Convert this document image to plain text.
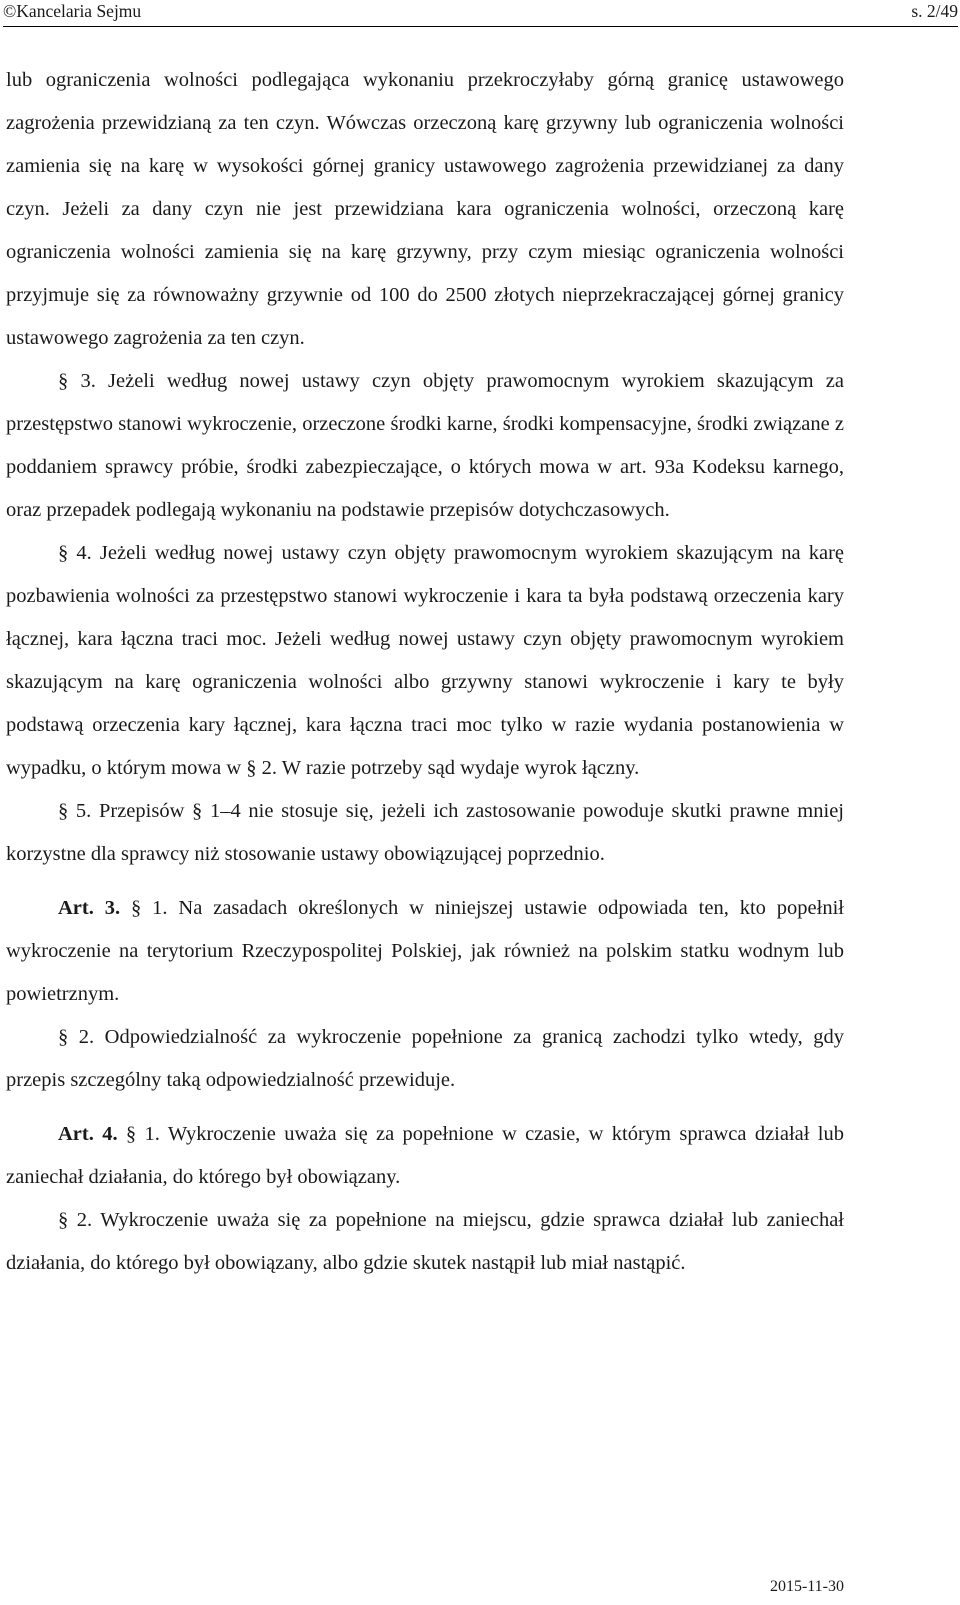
©Kancelaria Sejmu	s. 2/49

lub ograniczenia wolności podlegająca wykonaniu przekroczyłaby górną granicę ustawowego zagrożenia przewidzianą za ten czyn. Wówczas orzeczoną karę grzywny lub ograniczenia wolności zamienia się na karę w wysokości górnej granicy ustawowego zagrożenia przewidzianej za dany czyn. Jeżeli za dany czyn nie jest przewidziana kara ograniczenia wolności, orzeczoną karę ograniczenia wolności zamienia się na karę grzywny, przy czym miesiąc ograniczenia wolności przyjmuje się za równoważny grzywnie od 100 do 2500 złotych nieprzekraczającej górnej granicy ustawowego zagrożenia za ten czyn.

§ 3. Jeżeli według nowej ustawy czyn objęty prawomocnym wyrokiem skazującym za przestępstwo stanowi wykroczenie, orzeczone środki karne, środki kompensacyjne, środki związane z poddaniem sprawcy próbie, środki zabezpieczające, o których mowa w art. 93a Kodeksu karnego, oraz przepadek podlegają wykonaniu na podstawie przepisów dotychczasowych.

§ 4. Jeżeli według nowej ustawy czyn objęty prawomocnym wyrokiem skazującym na karę pozbawienia wolności za przestępstwo stanowi wykroczenie i kara ta była podstawą orzeczenia kary łącznej, kara łączna traci moc. Jeżeli według nowej ustawy czyn objęty prawomocnym wyrokiem skazującym na karę ograniczenia wolności albo grzywny stanowi wykroczenie i kary te były podstawą orzeczenia kary łącznej, kara łączna traci moc tylko w razie wydania postanowienia w wypadku, o którym mowa w § 2. W razie potrzeby sąd wydaje wyrok łączny.

§ 5. Przepisów § 1–4 nie stosuje się, jeżeli ich zastosowanie powoduje skutki prawne mniej korzystne dla sprawcy niż stosowanie ustawy obowiązującej poprzednio.

Art. 3. § 1. Na zasadach określonych w niniejszej ustawie odpowiada ten, kto popełnił wykroczenie na terytorium Rzeczypospolitej Polskiej, jak również na polskim statku wodnym lub powietrznym.

§ 2. Odpowiedzialność za wykroczenie popełnione za granicą zachodzi tylko wtedy, gdy przepis szczególny taką odpowiedzialność przewiduje.

Art. 4. § 1. Wykroczenie uważa się za popełnione w czasie, w którym sprawca działał lub zaniechał działania, do którego był obowiązany.

§ 2. Wykroczenie uważa się za popełnione na miejscu, gdzie sprawca działał lub zaniechał działania, do którego był obowiązany, albo gdzie skutek nastąpił lub miał nastąpić.

2015-11-30
